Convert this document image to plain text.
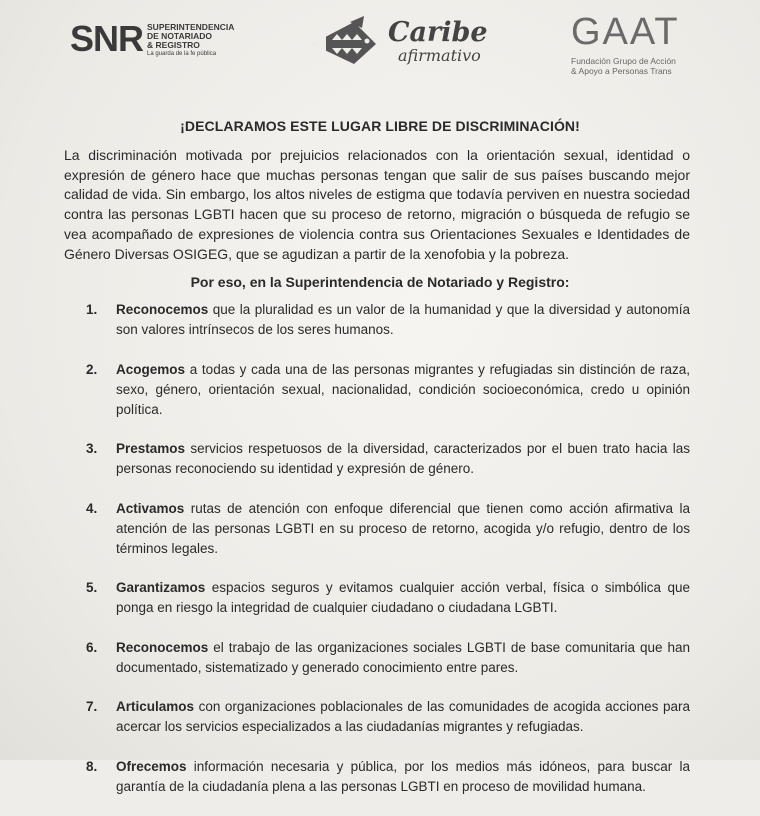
SNR SUPERINTENDENCIA
DE NOTARIADO
& REGISTRO
La guarda de la fe pública
Caribe
afirmativo
GAAT
Fundación Grupo de Acción
& Apoyo a Personas Trans
¡DECLARAMOS ESTE LUGAR LIBRE DE DISCRIMINACIÓN!
La discriminación motivada por prejuicios relacionados con la orientación sexual, identidad o expresión de género hace que muchas personas tengan que salir de sus países buscando mejor calidad de vida. Sin embargo, los altos niveles de estigma que todavía perviven en nuestra sociedad contra las personas LGBTI hacen que su proceso de retorno, migración o búsqueda de refugio se vea acompañado de expresiones de violencia contra sus Orientaciones Sexuales e Identidades de Género Diversas OSIGEG, que se agudizan a partir de la xenofobia y la pobreza.
Por eso, en la Superintendencia de Notariado y Registro:
1. Reconocemos que la pluralidad es un valor de la humanidad y que la diversidad y autonomía son valores intrínsecos de los seres humanos.
2. Acogemos a todas y cada una de las personas migrantes y refugiadas sin distinción de raza, sexo, género, orientación sexual, nacionalidad, condición socioeconómica, credo u opinión política.
3. Prestamos servicios respetuosos de la diversidad, caracterizados por el buen trato hacia las personas reconociendo su identidad y expresión de género.
4. Activamos rutas de atención con enfoque diferencial que tienen como acción afirmativa la atención de las personas LGBTI en su proceso de retorno, acogida y/o refugio, dentro de los términos legales.
5. Garantizamos espacios seguros y evitamos cualquier acción verbal, física o simbólica que ponga en riesgo la integridad de cualquier ciudadano o ciudadana LGBTI.
6. Reconocemos el trabajo de las organizaciones sociales LGBTI de base comunitaria que han documentado, sistematizado y generado conocimiento entre pares.
7. Articulamos con organizaciones poblacionales de las comunidades de acogida acciones para acercar los servicios especializados a las ciudadanías migrantes y refugiadas.
8. Ofrecemos información necesaria y pública, por los medios más idóneos, para buscar la garantía de la ciudadanía plena a las personas LGBTI en proceso de movilidad humana.
